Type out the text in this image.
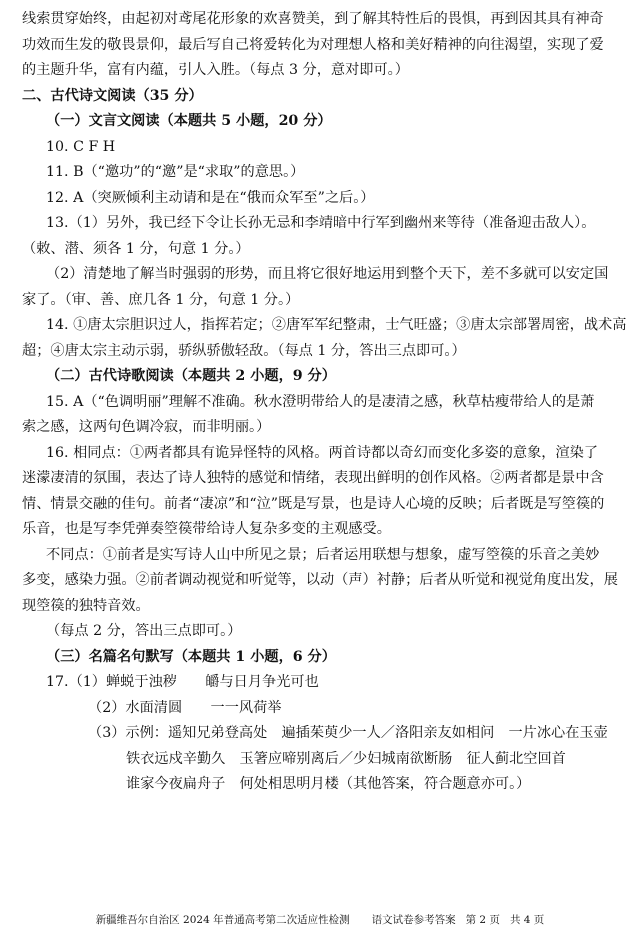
线索贯穿始终，由起初对鸢尾花形象的欢喜赞美，到了解其特性后的畏惧，再到因其具有神奇
功效而生发的敬畏景仰，最后写自己将爱转化为对理想人格和美好精神的向往渴望，实现了爱
的主题升华，富有内蕴，引人入胜。（每点 3 分，意对即可。）
二、古代诗文阅读（35 分）
（一）文言文阅读（本题共 5 小题，20 分）
10. C F H
11. B（“邀功”的“邀”是“求取”的意思。）
12. A（突厥倾利主动请和是在“俄而众军至”之后。）
13.（1）另外，我已经下令让长孙无忌和李靖暗中行军到幽州来等待（准备迎击敌人）。
（敕、潜、须各 1 分，句意 1 分。）
（2）清楚地了解当时强弱的形势，而且将它很好地运用到整个天下，差不多就可以安定国
家了。（审、善、庶几各 1 分，句意 1 分。）
14. ①唐太宗胆识过人，指挥若定；②唐军军纪整肃，士气旺盛；③唐太宗部署周密，战术高
超；④唐太宗主动示弱，骄纵骄傲轻敌。（每点 1 分，答出三点即可。）
（二）古代诗歌阅读（本题共 2 小题，9 分）
15. A（“色调明丽”理解不准确。秋水澄明带给人的是凄清之感，秋草枯瘦带给人的是萧
索之感，这两句色调冷寂，而非明丽。）
16. 相同点：①两者都具有诡异怪特的风格。两首诗都以奇幻而变化多姿的意象，渲染了
迷濛凄清的氛围，表达了诗人独特的感觉和情绪，表现出鲜明的创作风格。②两者都是景中含
情、情景交融的佳句。前者“凄凉”和“泣”既是写景，也是诗人心境的反映；后者既是写箜篌的
乐音，也是写李凭弹奏箜篌带给诗人复杂多变的主观感受。
不同点：①前者是实写诗人山中所见之景；后者运用联想与想象，虚写箜篌的乐音之美妙
多变，感染力强。②前者调动视觉和听觉等，以动（声）衬静；后者从听觉和视觉角度出发，展
现箜篌的独特音效。
（每点 2 分，答出三点即可。）
（三）名篇名句默写（本题共 1 小题，6 分）
17.（1）蝉蜕于浊秽　　皭与日月争光可也
（2）水面清圆　　一一风荷举
（3）示例：遥知兄弟登高处　遍插茱萸少一人／洛阳亲友如相问　一片冰心在玉壶
铁衣远戍辛勤久　玉箸应啼别离后／少妇城南欲断肠　征人蓟北空回首
谁家今夜扁舟子　何处相思明月楼（其他答案，符合题意亦可。）
新疆维吾尔自治区 2024 年普通高考第二次适应性检测 语文试卷参考答案 第 2 页 共 4 页
